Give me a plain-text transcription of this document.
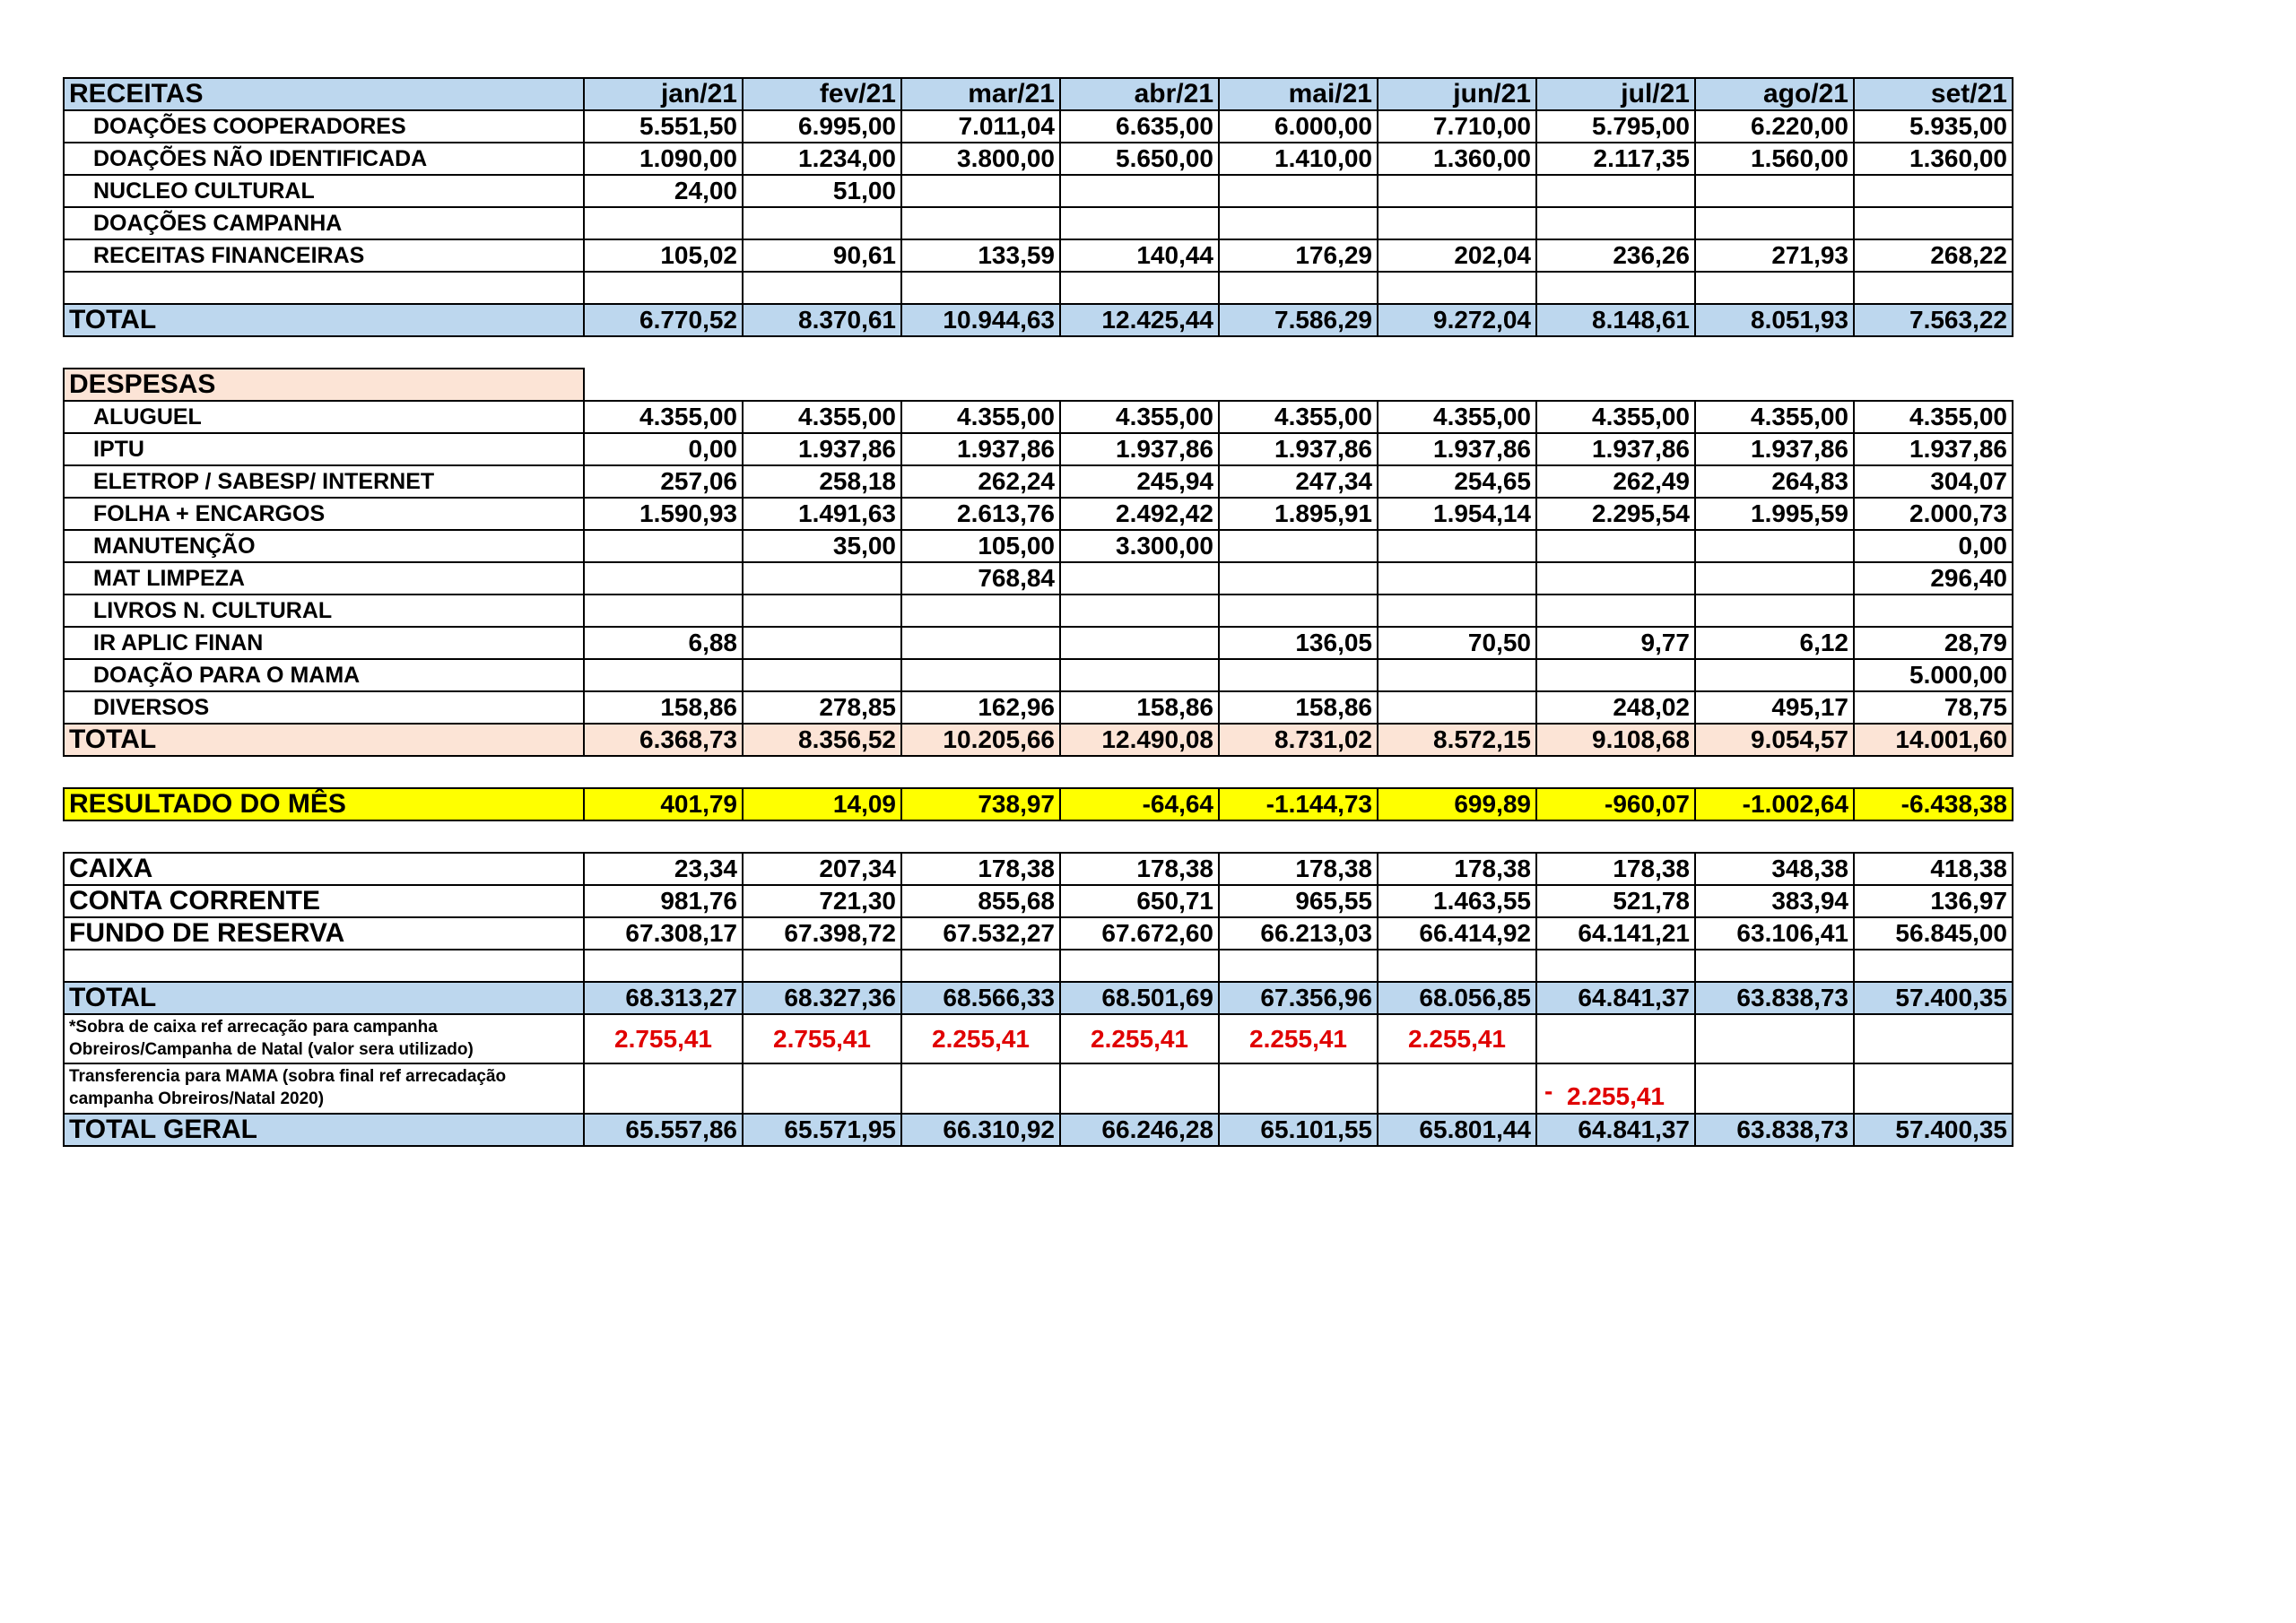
RECEITAS	jan/21	fev/21	mar/21	abr/21	mai/21	jun/21	jul/21	ago/21	set/21
DOAÇÕES COOPERADORES	5.551,50	6.995,00	7.011,04	6.635,00	6.000,00	7.710,00	5.795,00	6.220,00	5.935,00
DOAÇÕES NÃO IDENTIFICADA	1.090,00	1.234,00	3.800,00	5.650,00	1.410,00	1.360,00	2.117,35	1.560,00	1.360,00
NUCLEO CULTURAL	24,00	51,00							
DOAÇÕES CAMPANHA									
RECEITAS FINANCEIRAS	105,02	90,61	133,59	140,44	176,29	202,04	236,26	271,93	268,22

TOTAL	6.770,52	8.370,61	10.944,63	12.425,44	7.586,29	9.272,04	8.148,61	8.051,93	7.563,22

DESPESAS									
ALUGUEL	4.355,00	4.355,00	4.355,00	4.355,00	4.355,00	4.355,00	4.355,00	4.355,00	4.355,00
IPTU	0,00	1.937,86	1.937,86	1.937,86	1.937,86	1.937,86	1.937,86	1.937,86	1.937,86
ELETROP / SABESP/ INTERNET	257,06	258,18	262,24	245,94	247,34	254,65	262,49	264,83	304,07
FOLHA + ENCARGOS	1.590,93	1.491,63	2.613,76	2.492,42	1.895,91	1.954,14	2.295,54	1.995,59	2.000,73
MANUTENÇÃO		35,00	105,00	3.300,00					0,00
MAT LIMPEZA			768,84						296,40
LIVROS N. CULTURAL									
IR APLIC FINAN	6,88				136,05	70,50	9,77	6,12	28,79
DOAÇÃO PARA O MAMA									5.000,00
DIVERSOS	158,86	278,85	162,96	158,86	158,86		248,02	495,17	78,75
TOTAL	6.368,73	8.356,52	10.205,66	12.490,08	8.731,02	8.572,15	9.108,68	9.054,57	14.001,60

RESULTADO DO MÊS	401,79	14,09	738,97	-64,64	-1.144,73	699,89	-960,07	-1.002,64	-6.438,38

CAIXA	23,34	207,34	178,38	178,38	178,38	178,38	178,38	348,38	418,38
CONTA CORRENTE	981,76	721,30	855,68	650,71	965,55	1.463,55	521,78	383,94	136,97
FUNDO DE RESERVA	67.308,17	67.398,72	67.532,27	67.672,60	66.213,03	66.414,92	64.141,21	63.106,41	56.845,00

TOTAL	68.313,27	68.327,36	68.566,33	68.501,69	67.356,96	68.056,85	64.841,37	63.838,73	57.400,35
*Sobra de caixa ref arrecação para campanha Obreiros/Campanha de Natal (valor sera utilizado)	2.755,41	2.755,41	2.255,41	2.255,41	2.255,41	2.255,41			
Transferencia para MAMA (sobra final ref arrecadação campanha Obreiros/Natal 2020)							- 2.255,41		
TOTAL GERAL	65.557,86	65.571,95	66.310,92	66.246,28	65.101,55	65.801,44	64.841,37	63.838,73	57.400,35
